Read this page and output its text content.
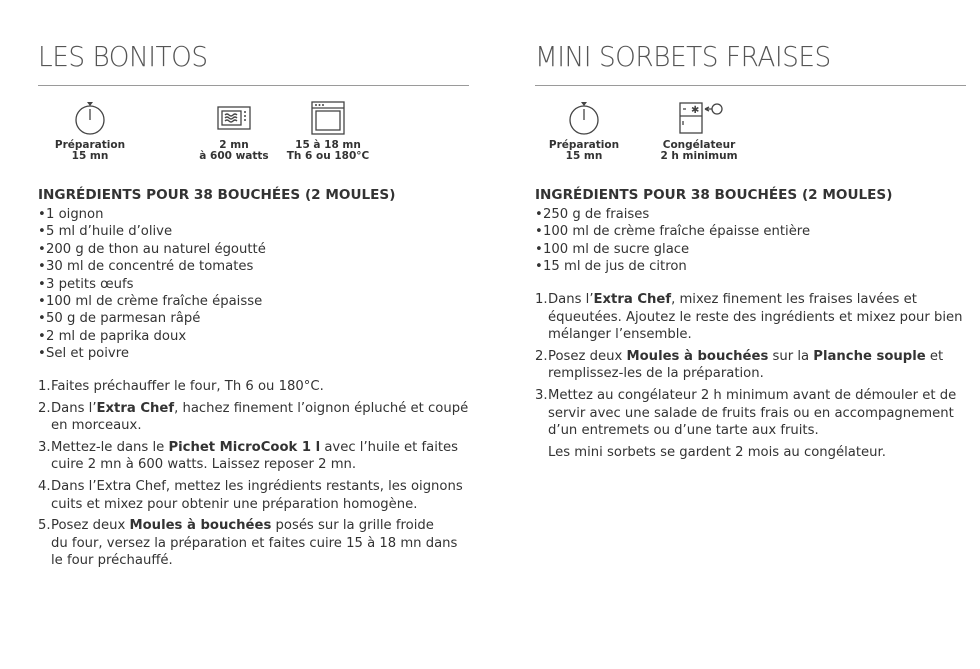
LES BONITOS
Préparation
15 mn
2 mn
à 600 watts
15 à 18 mn
Th 6 ou 180°C
INGRÉDIENTS POUR 38 BOUCHÉES (2 MOULES)
• 1 oignon
• 5 ml d’huile d’olive
• 200 g de thon au naturel égoutté
• 30 ml de concentré de tomates
• 3 petits œufs
• 100 ml de crème fraîche épaisse
• 50 g de parmesan râpé
• 2 ml de paprika doux
• Sel et poivre
1. Faites préchauffer le four, Th 6 ou 180°C.
2. Dans l’Extra Chef, hachez finement l’oignon épluché et coupé
en morceaux.
3. Mettez-le dans le Pichet MicroCook 1 l avec l’huile et faites
cuire 2 mn à 600 watts. Laissez reposer 2 mn.
4. Dans l’Extra Chef, mettez les ingrédients restants, les oignons
cuits et mixez pour obtenir une préparation homogène.
5. Posez deux Moules à bouchées posés sur la grille froide
du four, versez la préparation et faites cuire 15 à 18 mn dans
le four préchauffé.
MINI SORBETS FRAISES
Préparation
15 mn
✱
Congélateur
2 h minimum
INGRÉDIENTS POUR 38 BOUCHÉES (2 MOULES)
• 250 g de fraises
• 100 ml de crème fraîche épaisse entière
• 100 ml de sucre glace
• 15 ml de jus de citron
1. Dans l’Extra Chef, mixez finement les fraises lavées et
équeutées. Ajoutez le reste des ingrédients et mixez pour bien
mélanger l’ensemble.
2. Posez deux Moules à bouchées sur la Planche souple et
remplissez-les de la préparation.
3. Mettez au congélateur 2 h minimum avant de démouler et de
servir avec une salade de fruits frais ou en accompagnement
d’un entremets ou d’une tarte aux fruits.
Les mini sorbets se gardent 2 mois au congélateur.
